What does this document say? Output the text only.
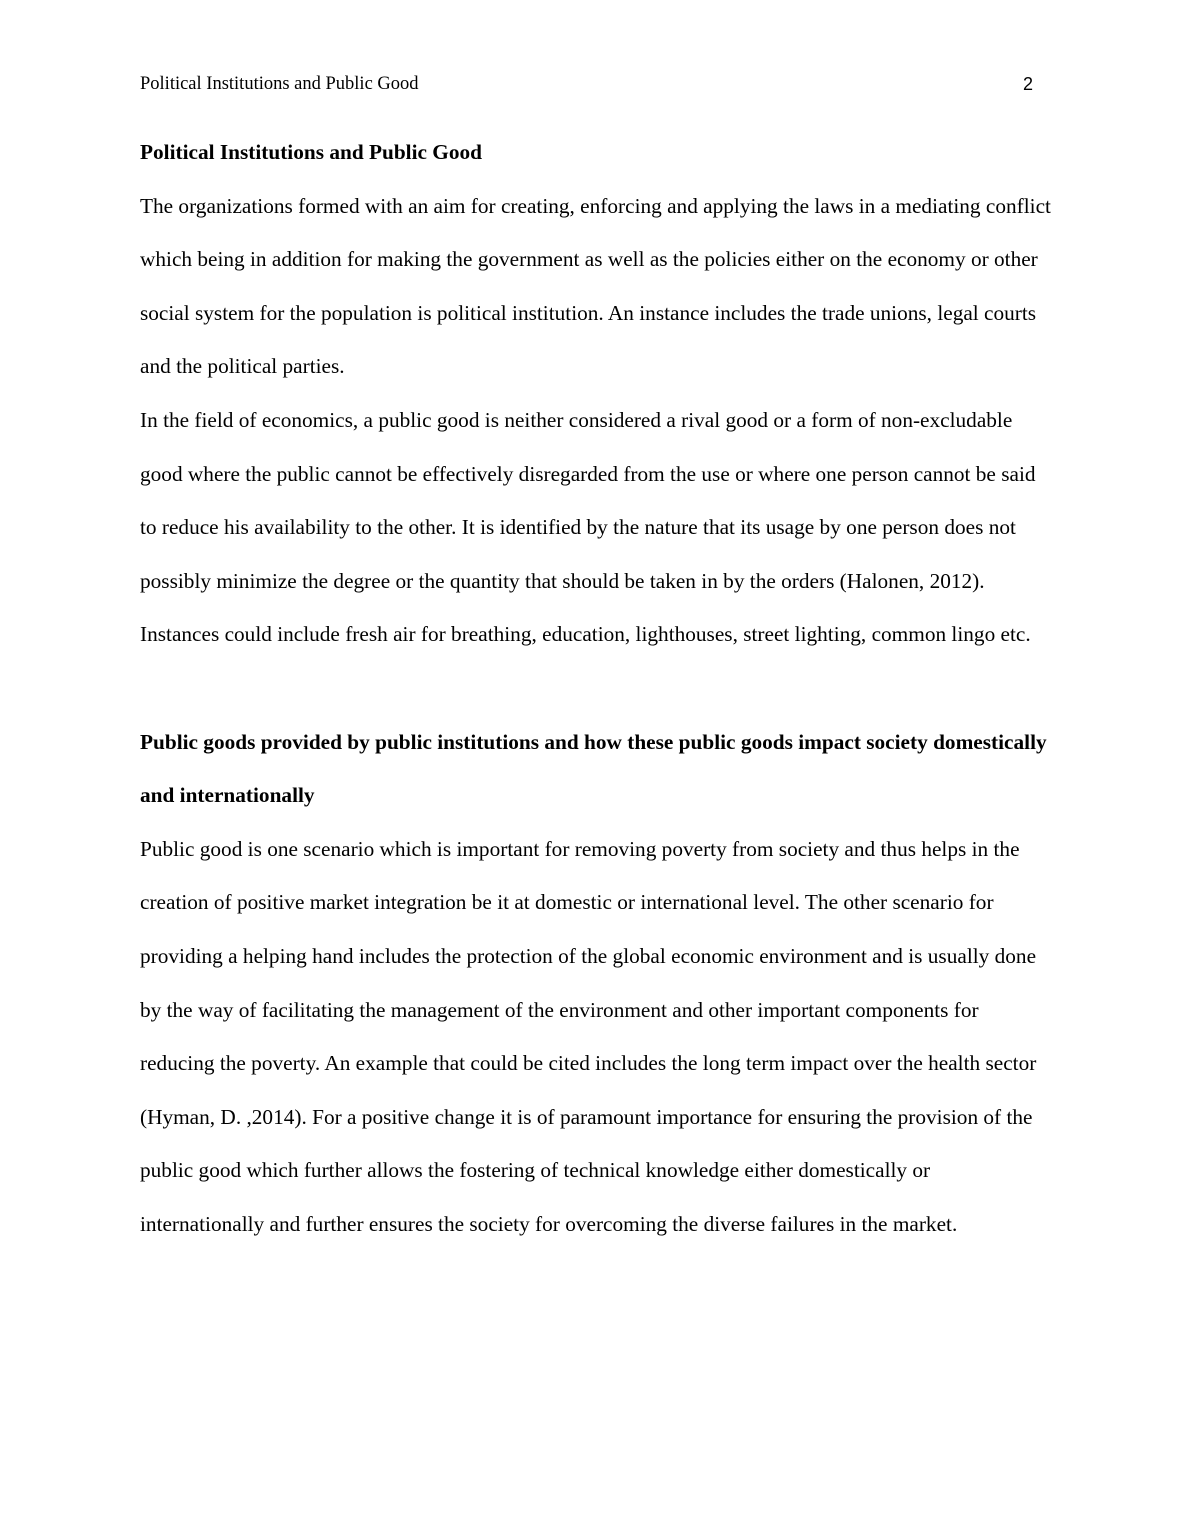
Political Institutions and Public Good	2

Political Institutions and Public Good

The organizations formed with an aim for creating, enforcing and applying the laws in a mediating conflict which being in addition for making the government as well as the policies either on the economy or other social system for the population is political institution. An instance includes the trade unions, legal courts and the political parties.

In the field of economics, a public good is neither considered a rival good or a form of non-excludable good where the public cannot be effectively disregarded from the use or where one person cannot be said to reduce his availability to the other. It is identified by the nature that its usage by one person does not possibly minimize the degree or the quantity that should be taken in by the orders (Halonen, 2012). Instances could include fresh air for breathing, education, lighthouses, street lighting, common lingo etc.

Public goods provided by public institutions and how these public goods impact society domestically and internationally

Public good is one scenario which is important for removing poverty from society and thus helps in the creation of positive market integration be it at domestic or international level. The other scenario for providing a helping hand includes the protection of the global economic environment and is usually done by the way of facilitating the management of the environment and other important components for reducing the poverty. An example that could be cited includes the long term impact over the health sector (Hyman, D. ,2014). For a positive change it is of paramount importance for ensuring the provision of the public good which further allows the fostering of technical knowledge either domestically or internationally and further ensures the society for overcoming the diverse failures in the market.
